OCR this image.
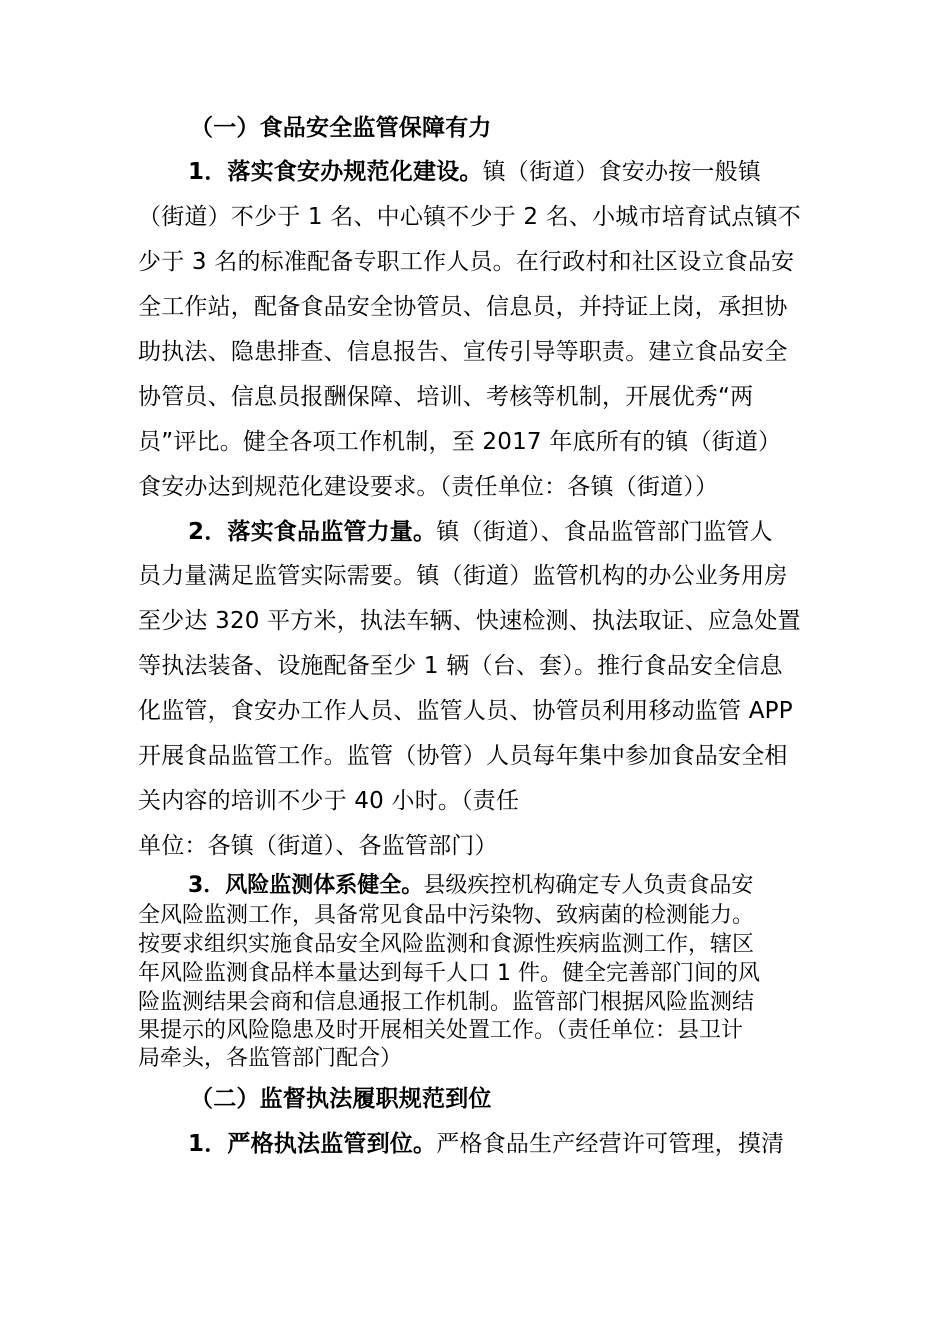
（一）食品安全监管保障有力
1．落实食安办规范化建设。镇（街道）食安办按一般镇
（街道）不少于 1 名、中心镇不少于 2 名、小城市培育试点镇不
少于 3 名的标准配备专职工作人员。在行政村和社区设立食品安
全工作站，配备食品安全协管员、信息员，并持证上岗，承担协
助执法、隐患排查、信息报告、宣传引导等职责。建立食品安全
协管员、信息员报酬保障、培训、考核等机制，开展优秀“两
员”评比。健全各项工作机制，至 2017 年底所有的镇（街道）
食安办达到规范化建设要求。（责任单位：各镇（街道））
2．落实食品监管力量。镇（街道）、食品监管部门监管人
员力量满足监管实际需要。镇（街道）监管机构的办公业务用房
至少达 320 平方米，执法车辆、快速检测、执法取证、应急处置
等执法装备、设施配备至少 1 辆（台、套）。推行食品安全信息
化监管，食安办工作人员、监管人员、协管员利用移动监管 APP
开展食品监管工作。监管（协管）人员每年集中参加食品安全相
关内容的培训不少于 40 小时。（责任
单位：各镇（街道）、各监管部门）
3．风险监测体系健全。县级疾控机构确定专人负责食品安
全风险监测工作，具备常见食品中污染物、致病菌的检测能力。
按要求组织实施食品安全风险监测和食源性疾病监测工作，辖区
年风险监测食品样本量达到每千人口 1 件。健全完善部门间的风
险监测结果会商和信息通报工作机制。监管部门根据风险监测结
果提示的风险隐患及时开展相关处置工作。（责任单位：县卫计
局牵头，各监管部门配合）
（二）监督执法履职规范到位
1．严格执法监管到位。严格食品生产经营许可管理，摸清
